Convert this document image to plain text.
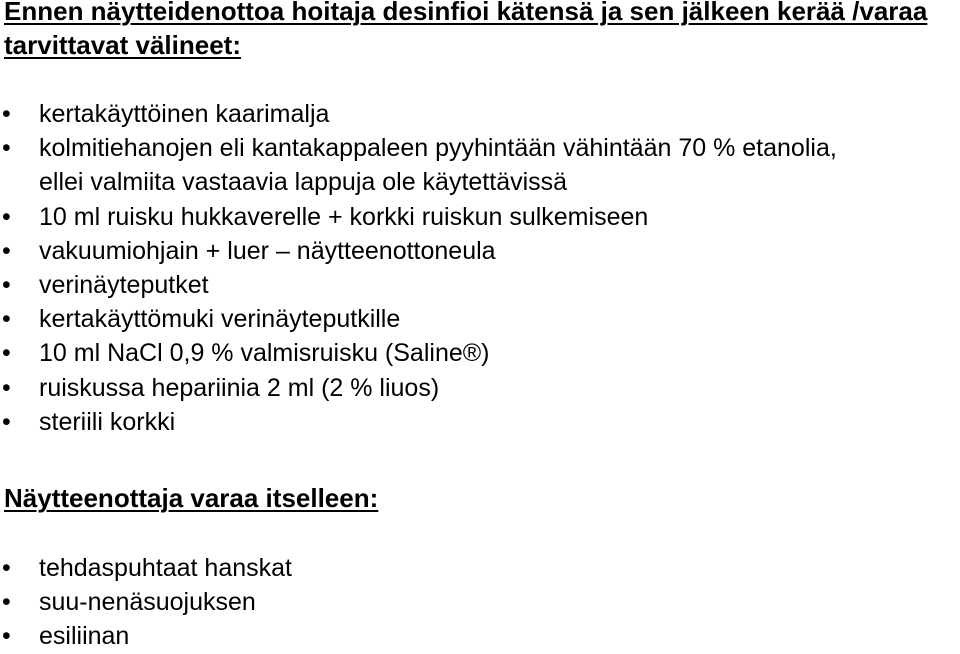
Ennen näytteidenottoa hoitaja desinfioi kätensä ja sen jälkeen kerää /varaa tarvittavat välineet:
• kertakäyttöinen kaarimalja
• kolmitiehanojen eli kantakappaleen pyyhintään vähintään 70 % etanolia,
ellei valmiita vastaavia lappuja ole käytettävissä
• 10 ml ruisku hukkaverelle + korkki ruiskun sulkemiseen
• vakuumiohjain + luer – näytteenottoneula
• verinäyteputket
• kertakäyttömuki verinäyteputkille
• 10 ml NaCl 0,9 % valmisruisku (Saline®)
• ruiskussa hepariinia 2 ml (2 % liuos)
• steriili korkki
Näytteenottaja varaa itselleen:
• tehdaspuhtaat hanskat
• suu-nenäsuojuksen
• esiliinan
